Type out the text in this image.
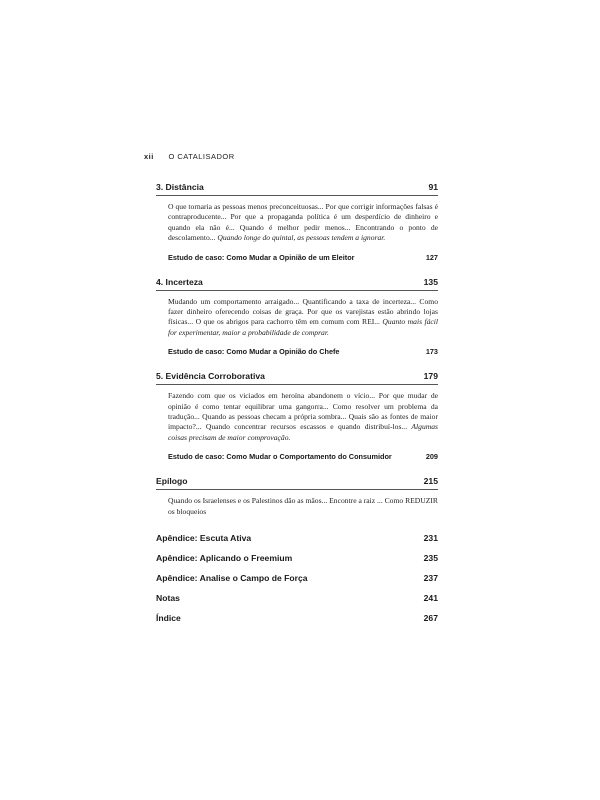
xii O CATALISADOR
3. Distância	91
O que tornaria as pessoas menos preconceituosas... Por que corrigir informações falsas é contraproducente... Por que a propaganda política é um desperdício de dinheiro e quando ela não é... Quando é melhor pedir menos... Encontrando o ponto de descolamento... Quando longe do quintal, as pessoas tendem a ignorar.
Estudo de caso: Como Mudar a Opinião de um Eleitor	127
4. Incerteza	135
Mudando um comportamento arraigado... Quantificando a taxa de incerteza... Como fazer dinheiro oferecendo coisas de graça. Por que os varejistas estão abrindo lojas físicas... O que os abrigos para cachorro têm em comum com REI... Quanto mais fácil for experimentar, maior a probabilidade de comprar.
Estudo de caso: Como Mudar a Opinião do Chefe	173
5. Evidência Corroborativa	179
Fazendo com que os viciados em heroína abandonem o vício... Por que mudar de opinião é como tentar equilibrar uma gangorra... Como resolver um problema da tradução... Quando as pessoas checam a própria sombra... Quais são as fontes de maior impacto?... Quando concentrar recursos escassos e quando distribuí-los... Algumas coisas precisam de maior comprovação.
Estudo de caso: Como Mudar o Comportamento do Consumidor	209
Epílogo	215
Quando os Israelenses e os Palestinos dão as mãos... Encontre a raiz ... Como REDUZIR os bloqueios
Apêndice: Escuta Ativa	231
Apêndice: Aplicando o Freemium	235
Apêndice: Analise o Campo de Força	237
Notas	241
Índice	267
